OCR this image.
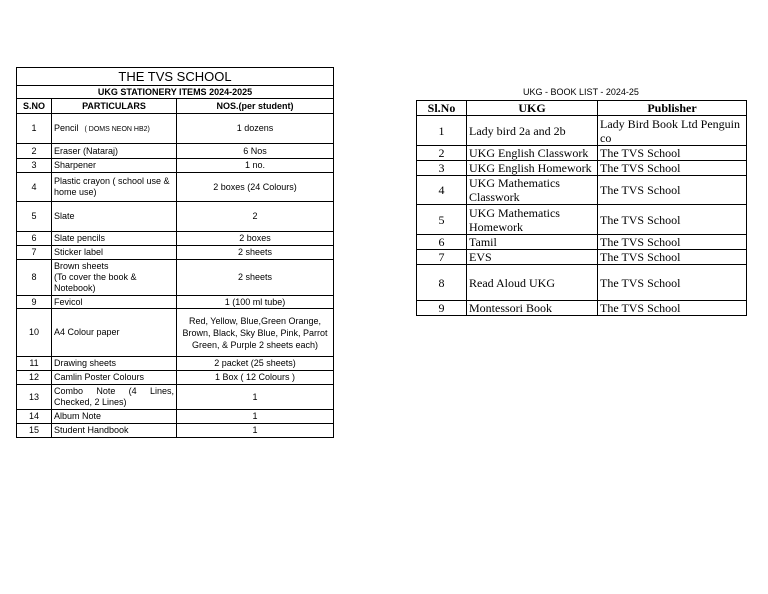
THE TVS SCHOOL		
UKG STATIONERY ITEMS 2024-2025		
S.NO	PARTICULARS	NOS.(per student)
1	Pencil ( DOMS NEON HB2)	1 dozens
2	Eraser (Nataraj)	6 Nos
3	Sharpener	1 no.
4	Plastic crayon ( school use & home use)	2 boxes (24 Colours)
5	Slate	2
6	Slate pencils	2 boxes
7	Sticker label	2 sheets
8	Brown sheets
(To cover the book &
Notebook)	2 sheets
9	Fevicol	1 (100 ml tube)
10	A4 Colour paper	Red, Yellow, Blue,Green Orange, Brown, Black, Sky Blue, Pink, Parrot Green, & Purple 2 sheets each)
11	Drawing sheets	2 packet (25 sheets)
12	Camlin Poster Colours	1 Box ( 12 Colours )
13	Combo Note (4 Lines,
Checked, 2 Lines)	1
14	Album Note	1
15	Student Handbook	1
UKG - BOOK LIST - 2024-25
Sl.No	UKG	Publisher
1	Lady bird 2a and 2b	Lady Bird Book Ltd Penguin co
2	UKG English Classwork	The TVS School
3	UKG English Homework	The TVS School
4	UKG Mathematics Classwork	The TVS School
5	UKG Mathematics Homework	The TVS School
6	Tamil	The TVS School
7	EVS	The TVS School
8	Read Aloud UKG	The TVS School
9	Montessori Book	The TVS School
